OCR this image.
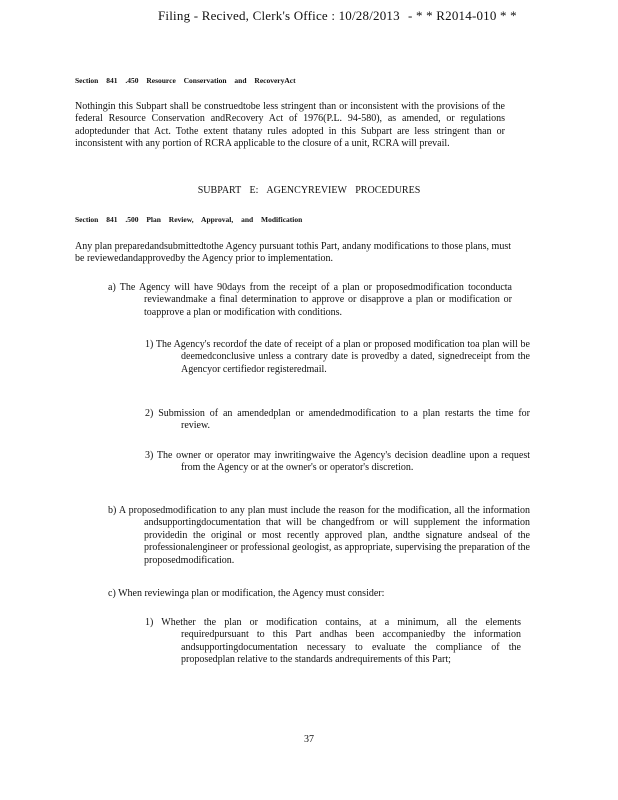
Filing - Recived, Clerk's Office : 10/28/2013 - * * R2014-010 * *
Section 841 .450 Resource Conservation and RecoveryAct
Nothingin this Subpart shall be construedtobe less stringent than or inconsistent with the provisions of the federal Resource Conservation andRecovery Act of 1976(P.L. 94-580), as amended, or regulations adoptedunder that Act. Tothe extent thatany rules adopted in this Subpart are less stringent than or inconsistent with any portion of RCRA applicable to the closure of a unit, RCRA will prevail.
SUBPART E: AGENCYREVIEW PROCEDURES
Section 841 .500 Plan Review, Approval, and Modification
Any plan preparedandsubmittedtothe Agency pursuant tothis Part, andany modifications to those plans, must be reviewedandapprovedby the Agency prior to implementation.
a) The Agency will have 90days from the receipt of a plan or proposedmodification toconducta reviewandmake a final determination to approve or disapprove a plan or modification or toapprove a plan or modification with conditions.
1) The Agency's recordof the date of receipt of a plan or proposed modification toa plan will be deemedconclusive unless a contrary date is provedby a dated, signedreceipt from the Agencyor certifiedor registeredmail.
2) Submission of an amendedplan or amendedmodification to a plan restarts the time for review.
3) The owner or operator may inwritingwaive the Agency's decision deadline upon a request from the Agency or at the owner's or operator's discretion.
b) A proposedmodification to any plan must include the reason for the modification, all the information andsupportingdocumentation that will be changedfrom or will supplement the information providedin the original or most recently approved plan, andthe signature andseal of the professionalengineer or professional geologist, as appropriate, supervising the preparation of the proposedmodification.
c) When reviewinga plan or modification, the Agency must consider:
1) Whether the plan or modification contains, at a minimum, all the elements requiredpursuant to this Part andhas been accompaniedby the information andsupportingdocumentation necessary to evaluate the compliance of the proposedplan relative to the standards andrequirements of this Part;
37
